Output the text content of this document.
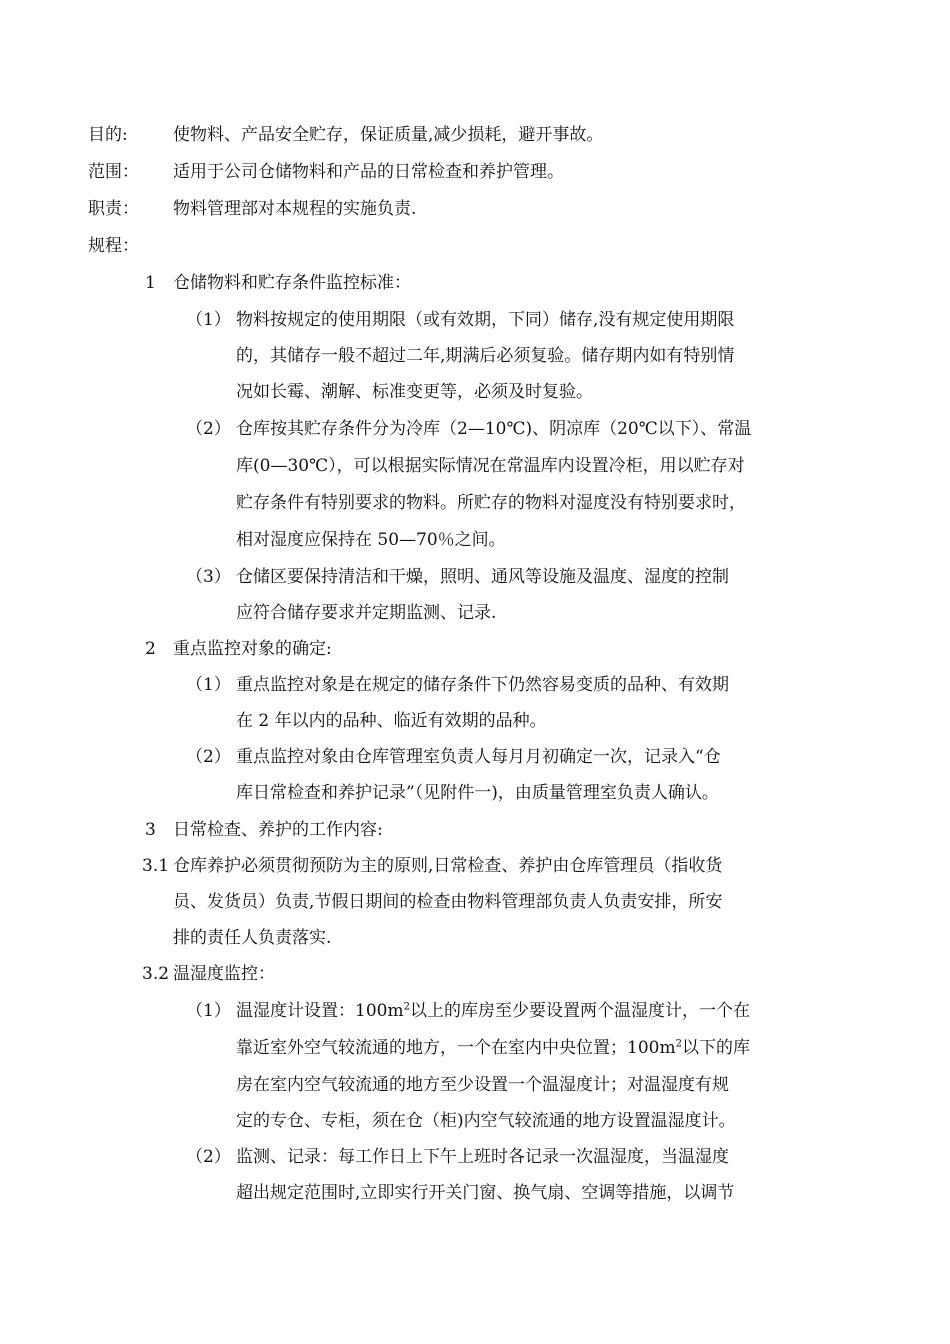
目的:	使物料、产品安全贮存，保证质量,减少损耗，避开事故。
范围： 适用于公司仓储物料和产品的日常检查和养护管理。
职责： 物料管理部对本规程的实施负责.
规程：
1 仓储物料和贮存条件监控标准：
（1） 物料按规定的使用期限（或有效期，下同）储存,没有规定使用期限
的，其储存一般不超过二年,期满后必须复验。储存期内如有特别情
况如长霉、潮解、标准变更等，必须及时复验。
（2） 仓库按其贮存条件分为冷库（2—10℃)、阴凉库（20℃以下）、常温
库(0—30℃），可以根据实际情况在常温库内设置冷柜，用以贮存对
贮存条件有特别要求的物料。所贮存的物料对湿度没有特别要求时，
相对湿度应保持在 50—70％之间。
（3） 仓储区要保持清洁和干燥，照明、通风等设施及温度、湿度的控制
应符合储存要求并定期监测、记录.
2 重点监控对象的确定:
（1） 重点监控对象是在规定的储存条件下仍然容易变质的品种、有效期
在 2 年以内的品种、临近有效期的品种。
（2） 重点监控对象由仓库管理室负责人每月月初确定一次，记录入“仓
库日常检查和养护记录”（见附件一)，由质量管理室负责人确认。
3 日常检查、养护的工作内容:
3.1 仓库养护必须贯彻预防为主的原则,日常检查、养护由仓库管理员（指收货
员、发货员）负责,节假日期间的检查由物料管理部负责人负责安排，所安
排的责任人负责落实.
3.2 温湿度监控：
（1） 温湿度计设置：$100m^2$以上的库房至少要设置两个温湿度计，一个在
靠近室外空气较流通的地方，一个在室内中央位置；$100m^2$以下的库
房在室内空气较流通的地方至少设置一个温湿度计；对温湿度有规
定的专仓、专柜，须在仓（柜)内空气较流通的地方设置温湿度计。
（2） 监测、记录：每工作日上下午上班时各记录一次温湿度，当温湿度
超出规定范围时,立即实行开关门窗、换气扇、空调等措施，以调节
